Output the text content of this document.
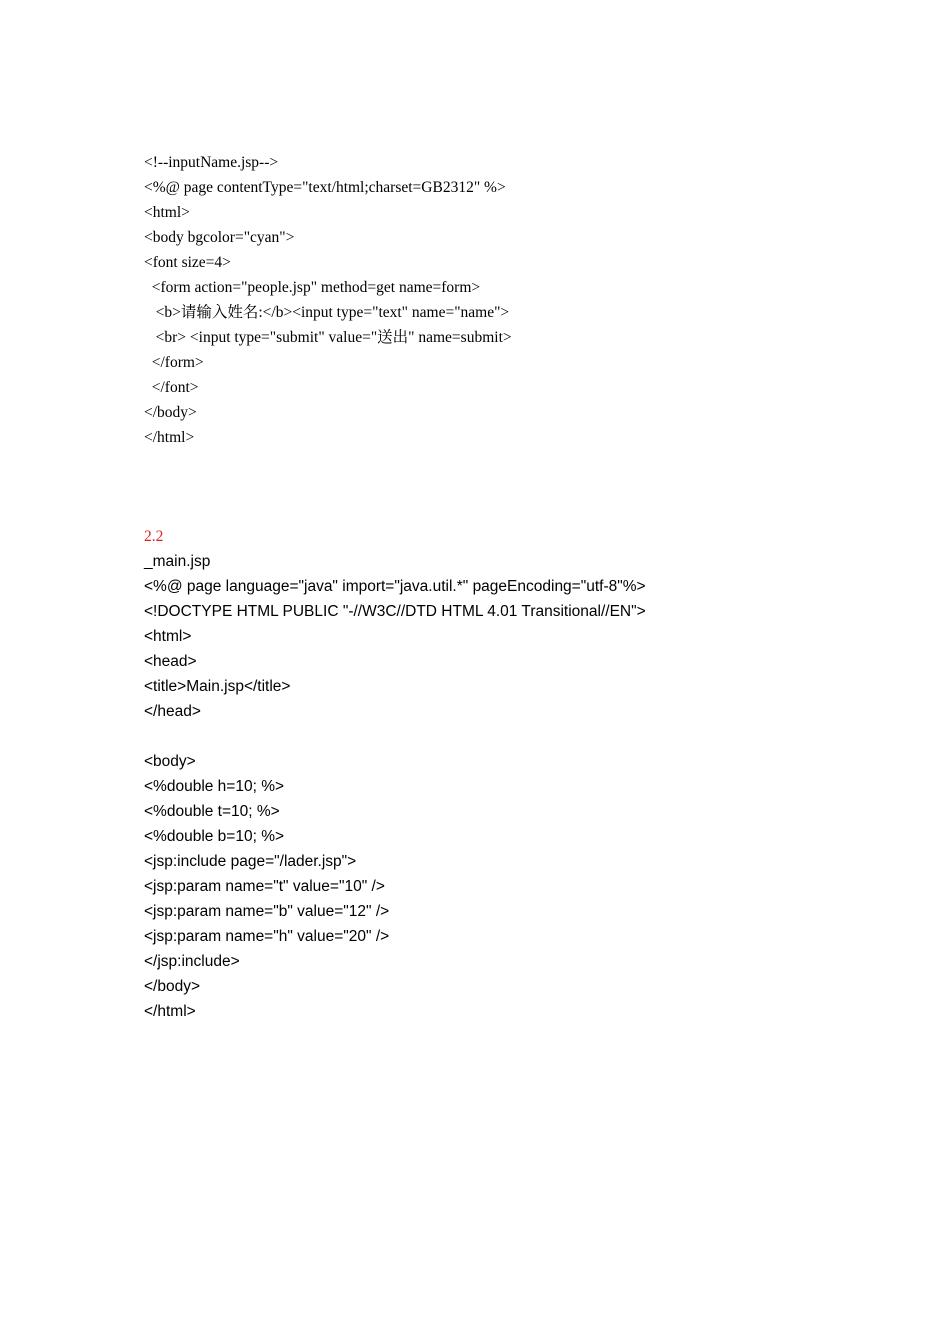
<!--inputName.jsp-->
<%@ page contentType="text/html;charset=GB2312" %>
<html>
<body bgcolor="cyan">
<font size=4>
<form action="people.jsp" method=get name=form>
<b>请输入姓名:</b><input type="text" name="name">
<br> <input type="submit" value="送出" name=submit>
</form>
</font>
</body>
</html>
2.2
_main.jsp
<%@ page language="java" import="java.util.*" pageEncoding="utf-8"%>
<!DOCTYPE HTML PUBLIC "-//W3C//DTD HTML 4.01 Transitional//EN">
<html>
<head>
<title>Main.jsp</title>
</head>
<body>
<%double h=10; %>
<%double t=10; %>
<%double b=10; %>
<jsp:include page="/lader.jsp">
<jsp:param name="t" value="10" />
<jsp:param name="b" value="12" />
<jsp:param name="h" value="20" />
</jsp:include>
</body>
</html>
